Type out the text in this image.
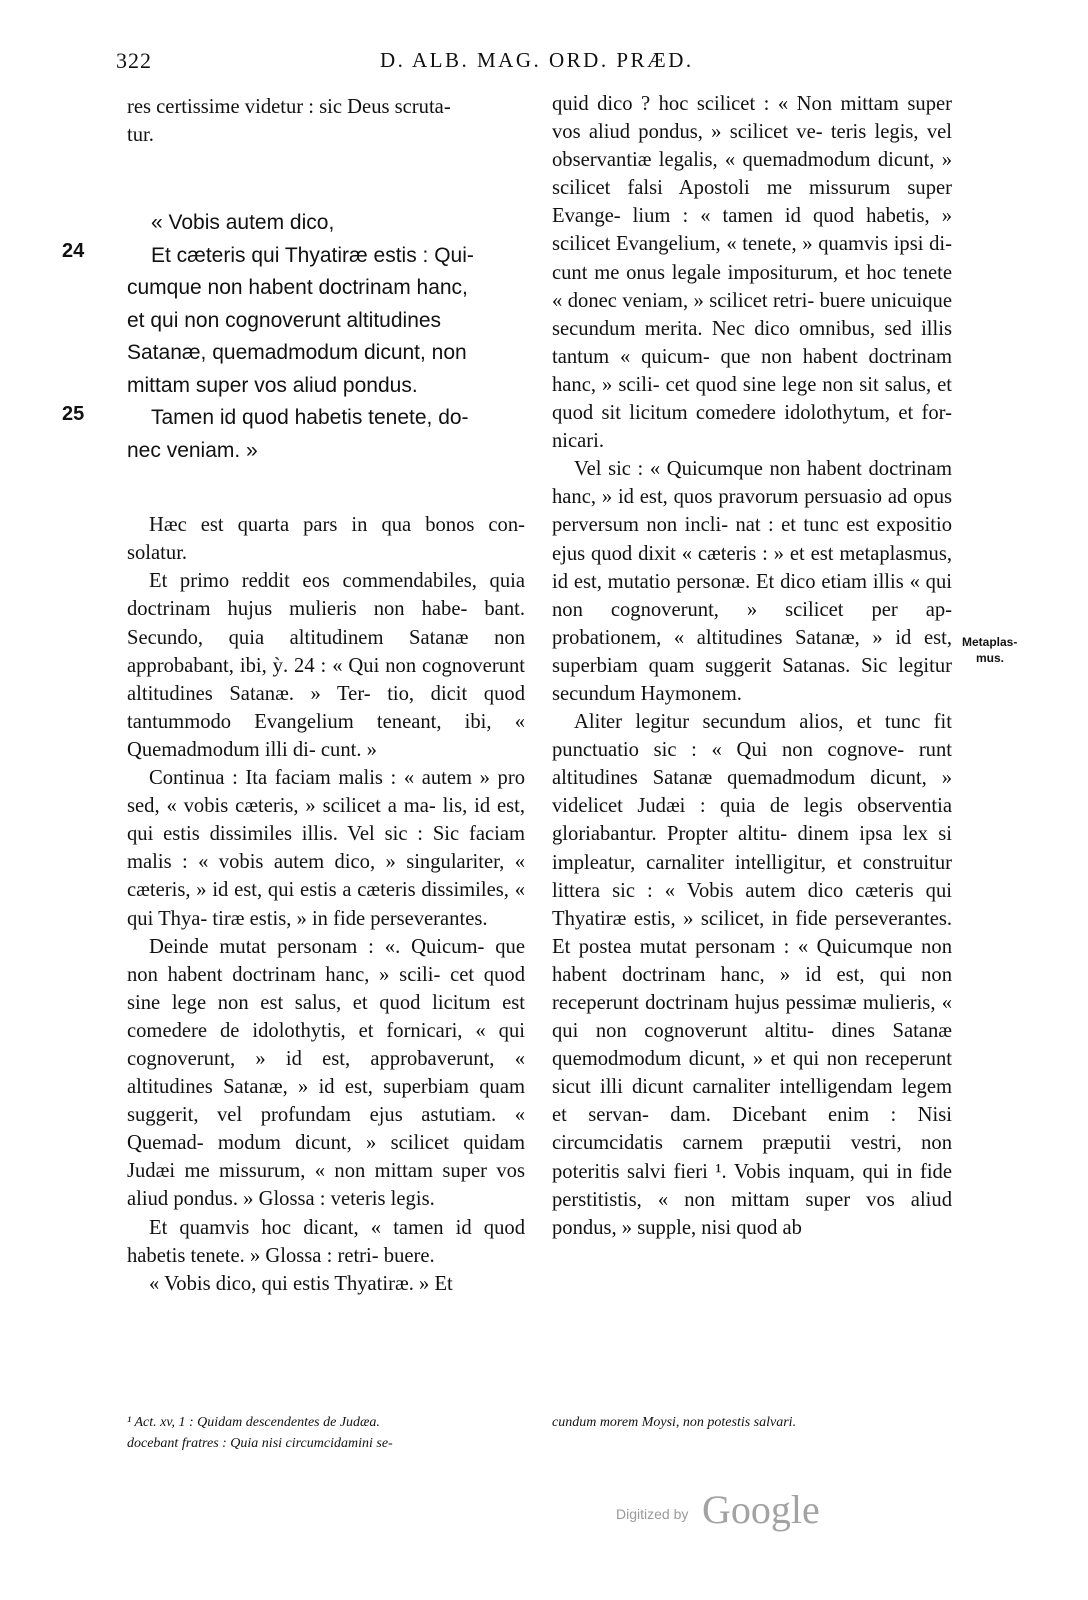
322	D. ALB. MAG. ORD. PRÆD.
24
25

res certissime videtur : sic Deus scruta-

tur.

« Vobis autem dico,

Et cæteris qui Thyatiræ estis : Qui-

cumque non habent doctrinam hanc,

et qui non cognoverunt altitudines

Satanæ, quemadmodum dicunt, non

mittam super vos aliud pondus.

Tamen id quod habetis tenete, do-

nec veniam. »

Hæc est quarta pars in qua bonos con- solatur.

Et primo reddit eos commendabiles, quia doctrinam hujus mulieris non habe- bant. Secundo, quia altitudinem Satanæ non approbabant, ibi, ỳ. 24 : « Qui non cognoverunt altitudines Satanæ. » Ter- tio, dicit quod tantummodo Evangelium teneant, ibi, « Quemadmodum illi di- cunt. »

Continua : Ita faciam malis : « autem » pro sed, « vobis cæteris, » scilicet a ma- lis, id est, qui estis dissimiles illis. Vel sic : Sic faciam malis : « vobis autem dico, » singulariter, « cæteris, » id est, qui estis a cæteris dissimiles, « qui Thya- tiræ estis, » in fide perseverantes.

Deinde mutat personam : «. Quicum- que non habent doctrinam hanc, » scili- cet quod sine lege non est salus, et quod licitum est comedere de idolothytis, et fornicari, « qui cognoverunt, » id est, approbaverunt, « altitudines Satanæ, » id est, superbiam quam suggerit, vel profundam ejus astutiam. « Quemad- modum dicunt, » scilicet quidam Judæi me missurum, « non mittam super vos aliud pondus. » Glossa : veteris legis.

Et quamvis hoc dicant, « tamen id quod habetis tenete. » Glossa : retri- buere.

« Vobis dico, qui estis Thyatiræ. » Et

quid dico ? hoc scilicet : « Non mittam super vos aliud pondus, » scilicet ve- teris legis, vel observantiæ legalis, « quemadmodum dicunt, » scilicet falsi Apostoli me missurum super Evange- lium : « tamen id quod habetis, » scilicet Evangelium, « tenete, » quamvis ipsi di- cunt me onus legale impositurum, et hoc tenete « donec veniam, » scilicet retri- buere unicuique secundum merita. Nec dico omnibus, sed illis tantum « quicum- que non habent doctrinam hanc, » scili- cet quod sine lege non sit salus, et quod sit licitum comedere idolothytum, et for- nicari.

Vel sic : « Quicumque non habent doctrinam hanc, » id est, quos pravorum persuasio ad opus perversum non incli- nat : et tunc est expositio ejus quod dixit « cæteris : » et est metaplasmus, id est, mutatio personæ. Et dico etiam illis « qui non cognoverunt, » scilicet per ap- probationem, « altitudines Satanæ, » id est, superbiam quam suggerit Satanas. Sic legitur secundum Haymonem.

Aliter legitur secundum alios, et tunc fit punctuatio sic : « Qui non cognove- runt altitudines Satanæ quemadmodum dicunt, » videlicet Judæi : quia de legis observentia gloriabantur. Propter altitu- dinem ipsa lex si impleatur, carnaliter intelligitur, et construitur littera sic : « Vobis autem dico cæteris qui Thyatiræ estis, » scilicet, in fide perseverantes. Et postea mutat personam : « Quicumque non habent doctrinam hanc, » id est, qui non receperunt doctrinam hujus pessimæ mulieris, « qui non cognoverunt altitu- dines Satanæ quemodmodum dicunt, » et qui non receperunt sicut illi dicunt carnaliter intelligendam legem et servan- dam. Dicebant enim : Nisi circumcidatis carnem præputii vestri, non poteritis salvi fieri ¹. Vobis inquam, qui in fide perstitistis, « non mittam super vos aliud pondus, » supple, nisi quod ab

Metaplas-
mus.
¹ Act. xv, 1 : Quidam descendentes de Judæa.
docebant fratres : Quia nisi circumcidamini se-
cundum morem Moysi, non potestis salvari.
Digitized by Google
